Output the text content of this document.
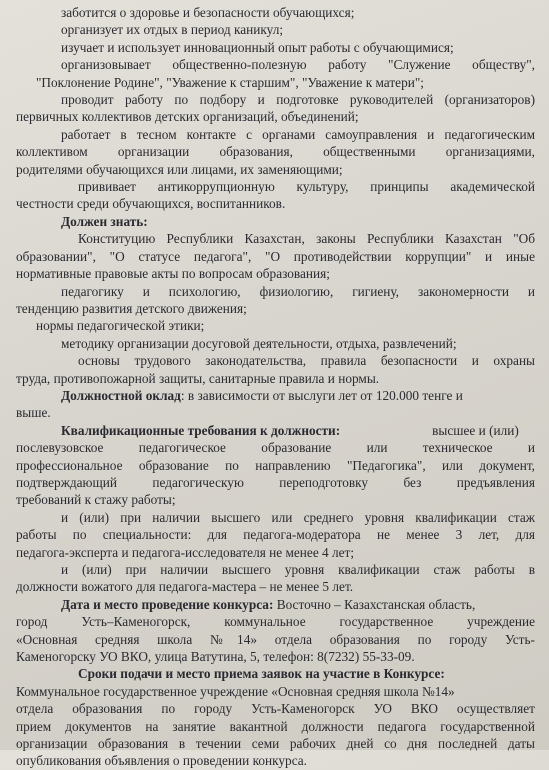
заботится о здоровье и безопасности обучающихся;
организует их отдых в период каникул;
изучает и использует инновационный опыт работы с обучающимися;
организовывает общественно-полезную работу "Служение обществу",
"Поклонение Родине", "Уважение к старшим", "Уважение к матери";
проводит работу по подбору и подготовке руководителей (организаторов)
первичных коллективов детских организаций, объединений;
работает в тесном контакте с органами самоуправления и педагогическим
коллективом организации образования, общественными организациями,
родителями обучающихся или лицами, их заменяющими;
прививает антикоррупционную культуру, принципы академической
честности среди обучающихся, воспитанников.
Должен знать:
Конституцию Республики Казахстан, законы Республики Казахстан "Об
образовании", "О статусе педагога", "О противодействии коррупции" и иные
нормативные правовые акты по вопросам образования;
педагогику и психологию, физиологию, гигиену, закономерности и
тенденцию развития детского движения;
нормы педагогической этики;
методику организации досуговой деятельности, отдыха, развлечений;
основы трудового законодательства, правила безопасности и охраны
труда, противопожарной защиты, санитарные правила и нормы.
Должностной оклад: в зависимости от выслуги лет от 120.000 тенге и
выше.
Квалификационные требования к должности:	высшее и (или)
послевузовское педагогическое образование или техническое и
профессиональное образование по направлению "Педагогика", или документ,
подтверждающий педагогическую переподготовку без предъявления
требований к стажу работы;
и (или) при наличии высшего или среднего уровня квалификации стаж
работы по специальности: для педагога-модератора не менее 3 лет, для
педагога-эксперта и педагога-исследователя не менее 4 лет;
и (или) при наличии высшего уровня квалификации стаж работы в
должности вожатого для педагога-мастера – не менее 5 лет.
Дата и место проведение конкурса: Восточно – Казахстанская область,
город Усть–Каменогорск, коммунальное государственное учреждение
«Основная средняя школа №14» отдела образования по городу Усть-
Каменогорску УО ВКО, улица Ватутина, 5, телефон: 8(7232) 55-33-09.
Сроки подачи и место приема заявок на участие в Конкурсе:
Коммунальное государственное учреждение «Основная средняя школа №14»
отдела образования по городу Усть-Каменогорск УО ВКО осуществляет
прием документов на занятие вакантной должности педагога государственной
организации образования в течении семи рабочих дней со дня последней даты
опубликования объявления о проведении конкурса.
